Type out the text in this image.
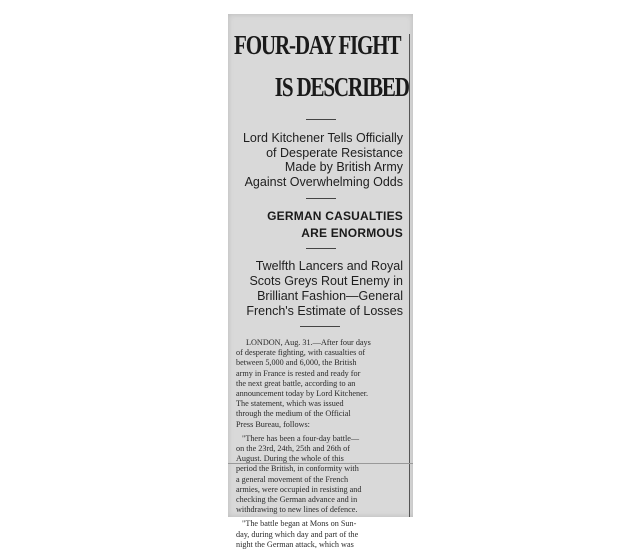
FOUR-DAY FIGHT
IS DESCRIBED
Lord Kitchener Tells Officially
of Desperate Resistance
Made by British Army
Against Overwhelming Odds
GERMAN CASUALTIES
ARE ENORMOUS
Twelfth Lancers and Royal
Scots Greys Rout Enemy in
Brilliant Fashion—General
French's Estimate of Losses
LONDON, Aug. 31.—After four days
of desperate fighting, with casualties of
between 5,000 and 6,000, the British
army in France is rested and ready for
the next great battle, according to an
announcement today by Lord Kitchener.
The statement, which was issued
through the medium of the Official
Press Bureau, follows:
"There has been a four-day battle—
on the 23rd, 24th, 25th and 26th of
August. During the whole of this
period the British, in conformity with
a general movement of the French
armies, were occupied in resisting and
checking the German advance and in
withdrawing to new lines of defence.
"The battle began at Mons on Sun-
day, during which day and part of the
night the German attack, which was
